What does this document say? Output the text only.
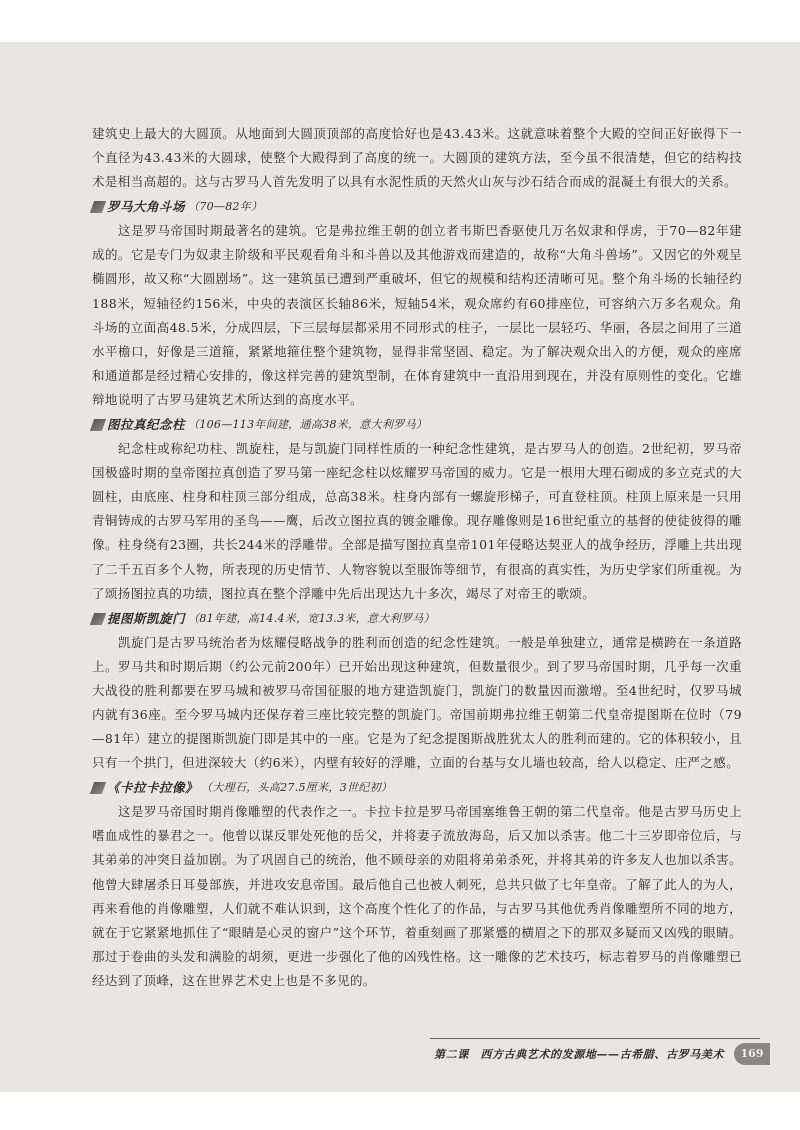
建筑史上最大的大圆顶。从地面到大圆顶顶部的高度恰好也是43.43米。这就意味着整个大殿的空间正好嵌得下一个直径为43.43米的大圆球，使整个大殿得到了高度的统一。大圆顶的建筑方法，至今虽不很清楚，但它的结构技术是相当高超的。这与古罗马人首先发明了以具有水泥性质的天然火山灰与沙石结合而成的混凝土有很大的关系。

罗马大角斗场 （70—82年）

这是罗马帝国时期最著名的建筑。它是弗拉维王朝的创立者韦斯巴香驱使几万名奴隶和俘虏，于70—82年建成的。它是专门为奴隶主阶级和平民观看角斗和斗兽以及其他游戏而建造的，故称“大角斗兽场”。又因它的外观呈椭圆形，故又称“大圆剧场”。这一建筑虽已遭到严重破坏，但它的规模和结构还清晰可见。整个角斗场的长轴径约188米，短轴径约156米，中央的表演区长轴86米，短轴54米，观众席约有60排座位，可容纳六万多名观众。角斗场的立面高48.5米，分成四层，下三层每层都采用不同形式的柱子，一层比一层轻巧、华丽，各层之间用了三道水平檐口，好像是三道箍，紧紧地箍住整个建筑物，显得非常坚固、稳定。为了解决观众出入的方便，观众的座席和通道都是经过精心安排的，像这样完善的建筑型制，在体育建筑中一直沿用到现在，并没有原则性的变化。它雄辩地说明了古罗马建筑艺术所达到的高度水平。

图拉真纪念柱 （106—113年间建，通高38米，意大利罗马）

纪念柱或称纪功柱、凯旋柱，是与凯旋门同样性质的一种纪念性建筑，是古罗马人的创造。2世纪初，罗马帝国极盛时期的皇帝图拉真创造了罗马第一座纪念柱以炫耀罗马帝国的威力。它是一根用大理石砌成的多立克式的大圆柱，由底座、柱身和柱顶三部分组成，总高38米。柱身内部有一螺旋形梯子，可直登柱顶。柱顶上原来是一只用青铜铸成的古罗马军用的圣鸟——鹰，后改立图拉真的镀金雕像。现存雕像则是16世纪重立的基督的使徒彼得的雕像。柱身绕有23圈，共长244米的浮雕带。全部是描写图拉真皇帝101年侵略达契亚人的战争经历，浮雕上共出现了二千五百多个人物，所表现的历史情节、人物容貌以至服饰等细节，有很高的真实性，为历史学家们所重视。为了颂扬图拉真的功绩，图拉真在整个浮雕中先后出现达九十多次，竭尽了对帝王的歌颂。

提图斯凯旋门 （81年建，高14.4米，宽13.3米，意大利罗马）

凯旋门是古罗马统治者为炫耀侵略战争的胜利而创造的纪念性建筑。一般是单独建立，通常是横跨在一条道路上。罗马共和时期后期（约公元前200年）已开始出现这种建筑，但数量很少。到了罗马帝国时期，几乎每一次重大战役的胜利都要在罗马城和被罗马帝国征服的地方建造凯旋门，凯旋门的数量因而激增。至4世纪时，仅罗马城内就有36座。至今罗马城内还保存着三座比较完整的凯旋门。帝国前期弗拉维王朝第二代皇帝提图斯在位时（79—81年）建立的提图斯凯旋门即是其中的一座。它是为了纪念提图斯战胜犹太人的胜利而建的。它的体积较小，且只有一个拱门，但进深较大（约6米），内壁有较好的浮雕，立面的台基与女儿墙也较高，给人以稳定、庄严之感。

《卡拉卡拉像》 （大理石，头高27.5厘米，3世纪初）

这是罗马帝国时期肖像雕塑的代表作之一。卡拉卡拉是罗马帝国塞维鲁王朝的第二代皇帝。他是古罗马历史上嗜血成性的暴君之一。他曾以谋反罪处死他的岳父，并将妻子流放海岛，后又加以杀害。他二十三岁即帝位后，与其弟弟的冲突日益加剧。为了巩固自己的统治，他不顾母亲的劝阻将弟弟杀死，并将其弟的许多友人也加以杀害。他曾大肆屠杀日耳曼部族，并进攻安息帝国。最后他自己也被人刺死，总共只做了七年皇帝。了解了此人的为人，再来看他的肖像雕塑，人们就不难认识到，这个高度个性化了的作品，与古罗马其他优秀肖像雕塑所不同的地方，就在于它紧紧地抓住了“眼睛是心灵的窗户”这个环节，着重刻画了那紧蹙的横眉之下的那双多疑而又凶残的眼睛。那过于卷曲的头发和满脸的胡须，更进一步强化了他的凶残性格。这一雕像的艺术技巧，标志着罗马的肖像雕塑已经达到了顶峰，这在世界艺术史上也是不多见的。

第二课　西方古典艺术的发源地——古希腊、古罗马美术	169
